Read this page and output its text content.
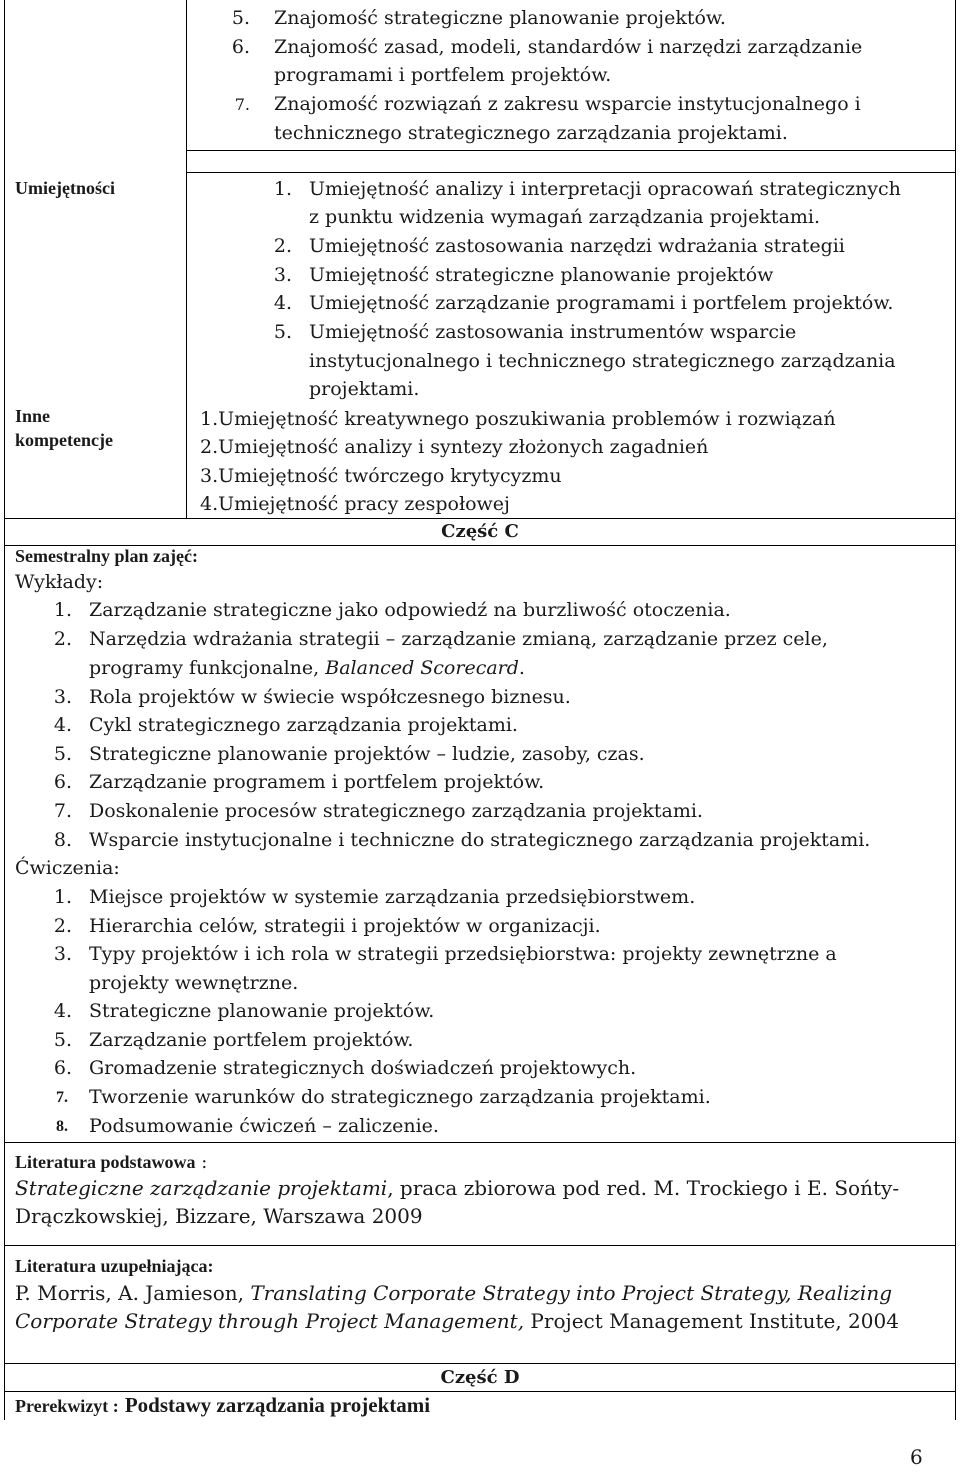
5. Znajomość strategiczne planowanie projektów.
6. Znajomość zasad, modeli, standardów i narzędzi zarządzanie
programami i portfelem projektów.
7. Znajomość rozwiązań z zakresu wsparcie instytucjonalnego i
technicznego strategicznego zarządzania projektami.
Umiejętności	1. Umiejętność analizy i interpretacji opracowań strategicznych
z punktu widzenia wymagań zarządzania projektami.
2. Umiejętność zastosowania narzędzi wdrażania strategii
3. Umiejętność strategiczne planowanie projektów
4. Umiejętność zarządzanie programami i portfelem projektów.
5. Umiejętność zastosowania instrumentów wsparcie
instytucjonalnego i technicznego strategicznego zarządzania
projektami.
Inne
kompetencje
1.Umiejętność kreatywnego poszukiwania problemów i rozwiązań
2.Umiejętność analizy i syntezy złożonych zagadnień
3.Umiejętność twórczego krytycyzmu
4.Umiejętność pracy zespołowej
Część C
Semestralny plan zajęć:
Wykłady:
1. Zarządzanie strategiczne jako odpowiedź na burzliwość otoczenia.
2. Narzędzia wdrażania strategii – zarządzanie zmianą, zarządzanie przez cele,
programy funkcjonalne, Balanced Scorecard.
3. Rola projektów w świecie współczesnego biznesu.
4. Cykl strategicznego zarządzania projektami.
5. Strategiczne planowanie projektów – ludzie, zasoby, czas.
6. Zarządzanie programem i portfelem projektów.
7. Doskonalenie procesów strategicznego zarządzania projektami.
8. Wsparcie instytucjonalne i techniczne do strategicznego zarządzania projektami.
Ćwiczenia:
1. Miejsce projektów w systemie zarządzania przedsiębiorstwem.
2. Hierarchia celów, strategii i projektów w organizacji.
3. Typy projektów i ich rola w strategii przedsiębiorstwa: projekty zewnętrzne a
projekty wewnętrzne.
4. Strategiczne planowanie projektów.
5. Zarządzanie portfelem projektów.
6. Gromadzenie strategicznych doświadczeń projektowych.
7. Tworzenie warunków do strategicznego zarządzania projektami.
8. Podsumowanie ćwiczeń – zaliczenie.
Literatura podstawowa :
Strategiczne zarządzanie projektami, praca zbiorowa pod red. M. Trockiego i E. Sońty-
Drączkowskiej, Bizzare, Warszawa 2009
Literatura uzupełniająca:
P. Morris, A. Jamieson, Translating Corporate Strategy into Project Strategy, Realizing
Corporate Strategy through Project Management, Project Management Institute, 2004
Część D
Prerekwizyt : Podstawy zarządzania projektami
6
